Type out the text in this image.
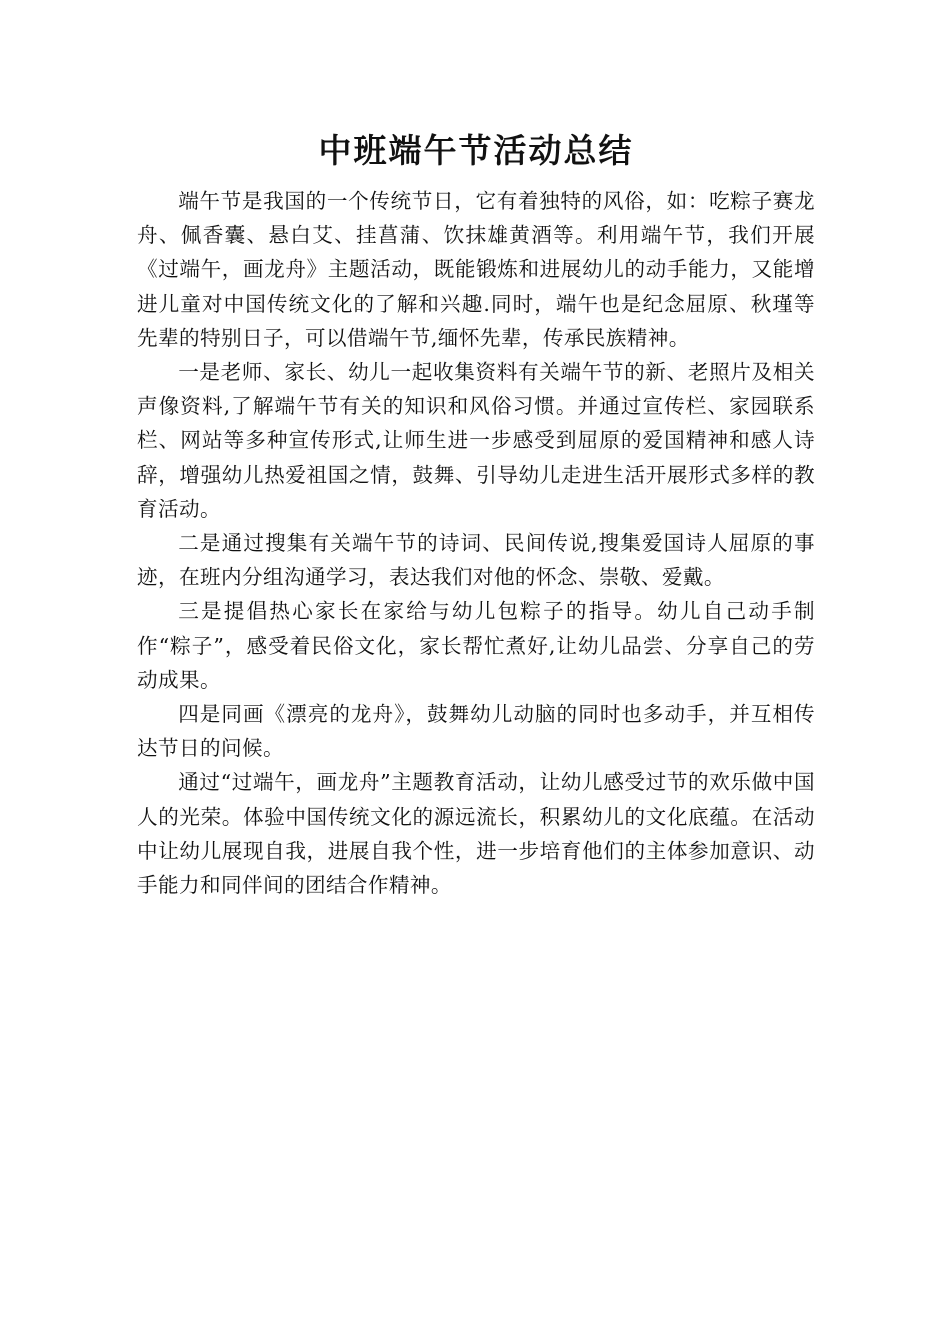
中班端午节活动总结

端午节是我国的一个传统节日，它有着独特的风俗，如：吃粽子赛龙舟、佩香囊、悬白艾、挂菖蒲、饮抹雄黄酒等。利用端午节，我们开展《过端午，画龙舟》主题活动，既能锻炼和进展幼儿的动手能力，又能增进儿童对中国传统文化的了解和兴趣.同时，端午也是纪念屈原、秋瑾等先辈的特别日子，可以借端午节,缅怀先辈，传承民族精神。

一是老师、家长、幼儿一起收集资料有关端午节的新、老照片及相关声像资料,了解端午节有关的知识和风俗习惯。并通过宣传栏、家园联系栏、网站等多种宣传形式,让师生进一步感受到屈原的爱国精神和感人诗辞，增强幼儿热爱祖国之情，鼓舞、引导幼儿走进生活开展形式多样的教育活动。

二是通过搜集有关端午节的诗词、民间传说,搜集爱国诗人屈原的事迹，在班内分组沟通学习，表达我们对他的怀念、崇敬、爱戴。

三是提倡热心家长在家给与幼儿包粽子的指导。幼儿自己动手制作“粽子”，感受着民俗文化，家长帮忙煮好,让幼儿品尝、分享自己的劳动成果。

四是同画《漂亮的龙舟》，鼓舞幼儿动脑的同时也多动手，并互相传达节日的问候。

通过“过端午，画龙舟”主题教育活动，让幼儿感受过节的欢乐做中国人的光荣。体验中国传统文化的源远流长，积累幼儿的文化底蕴。在活动中让幼儿展现自我，进展自我个性，进一步培育他们的主体参加意识、动手能力和同伴间的团结合作精神。
